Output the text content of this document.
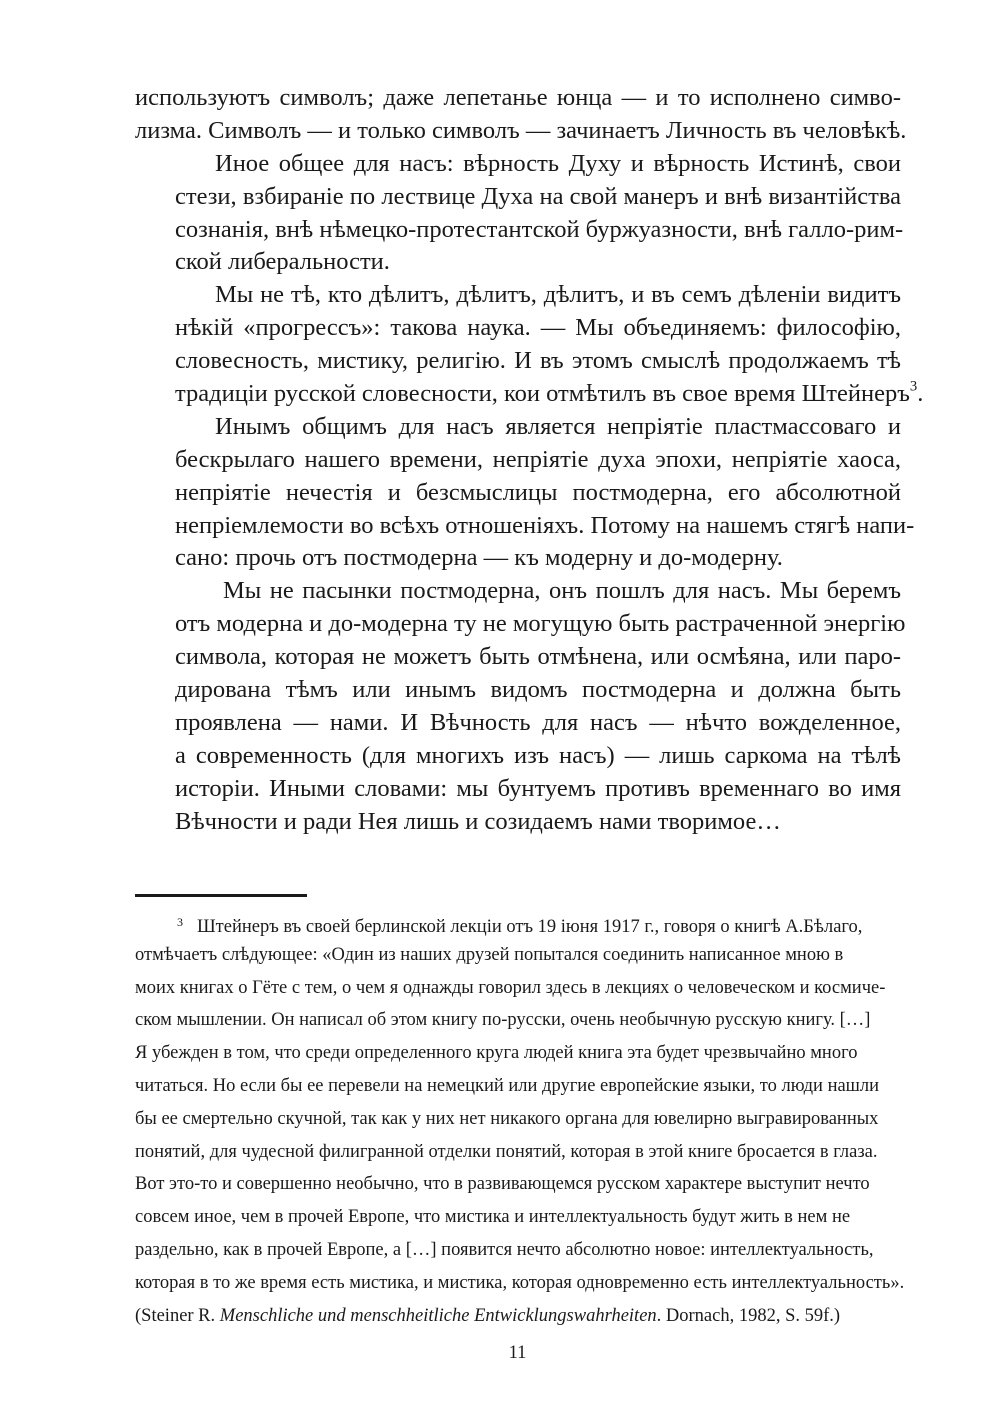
используютъ символъ; даже лепетанье юнца — и то исполнено симво-
лизма. Символъ — и только символъ — зачинаетъ Личность въ человѣкѣ.
Иное общее для насъ: вѣрность Духу и вѣрность Истинѣ, свои
стези, взбиранiе по лествице Духа на свой манеръ и внѣ византiйства
сознанiя, внѣ нѣмецко-протестантской буржуазности, внѣ галло-рим-
ской либеральности.
Мы не тѣ, кто дѣлитъ, дѣлитъ, дѣлитъ, и въ семъ дѣленiи видитъ
нѣкiй «прогрессъ»: такова наука. — Мы объединяемъ: философiю,
словесность, мистику, религiю. И въ этомъ смыслѣ продолжаемъ тѣ
традицiи русской словесности, кои отмѣтилъ въ свое время Штейнеръ$^3$.
Инымъ общимъ для насъ является непрiятiе пластмассоваго и
бескрылаго нашего времени, непрiятiе духа эпохи, непрiятiе хаоса,
непрiятiе нечестiя и безсмыслицы постмодерна, его абсолютной
непрiемлемости во всѣхъ отношенiяхъ. Потому на нашемъ стягѣ напи-
сано: прочь отъ постмодерна — къ модерну и до-модерну.
Мы не пасынки постмодерна, онъ пошлъ для насъ. Мы беремъ
отъ модерна и до-модерна ту не могущую быть растраченной энергiю
символа, которая не можетъ быть отмѣнена, или осмѣяна, или паро-
дирована тѣмъ или инымъ видомъ постмодерна и должна быть
проявлена — нами. И Вѣчность для насъ — нѣчто вожделенное,
а современность (для многихъ изъ насъ) — лишь саркома на тѣлѣ
исторiи. Иными словами: мы бунтуемъ противъ временнаго во имя
Вѣчности и ради Нея лишь и созидаемъ нами творимое…
$^3$ Штейнеръ въ своей берлинской лекцiи отъ 19 iюня 1917 г., говоря о книгѣ А.Бѣлаго,
отмѣчаетъ слѣдующее: «Один из наших друзей попытался соединить написанное мною в
моих книгах о Гёте с тем, о чем я однажды говорил здесь в лекциях о человеческом и космиче-
ском мышлении. Он написал об этом книгу по-русски, очень необычную русскую книгу. […]
Я убежден в том, что среди определенного круга людей книга эта будет чрезвычайно много
читаться. Но если бы ее перевели на немецкий или другие европейские языки, то люди нашли
бы ее смертельно скучной, так как у них нет никакого органа для ювелирно выгравированных
понятий, для чудесной филигранной отделки понятий, которая в этой книге бросается в глаза.
Вот это-то и совершенно необычно, что в развивающемся русском характере выступит нечто
совсем иное, чем в прочей Европе, что мистика и интеллектуальность будут жить в нем не
раздельно, как в прочей Европе, а […] появится нечто абсолютно новое: интеллектуальность,
которая в то же время есть мистика, и мистика, которая одновременно есть интеллектуальность».
(Steiner R. Menschliche und menschheitliche Entwicklungswahrheiten. Dornach, 1982, S. 59f.)
11
